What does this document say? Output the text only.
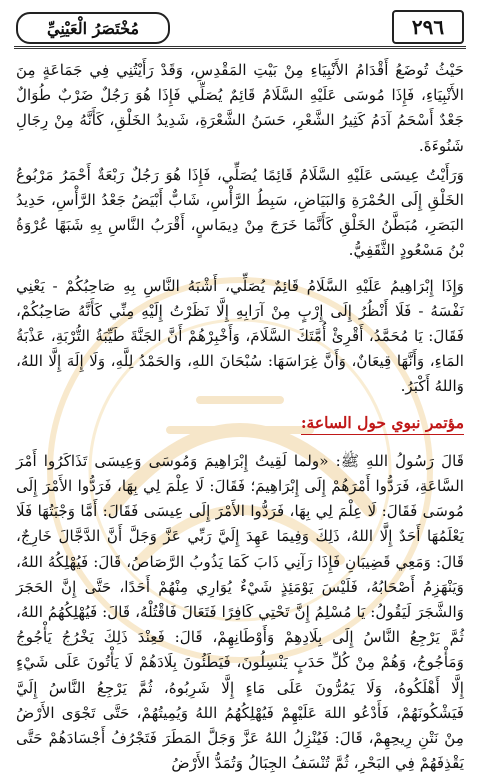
٢٩٦
مُخْتَصَرُ الْعَيْنِيِّ

حَيْثُ تُوضَعُ أَقْدَامُ الأَنْبِيَاءِ مِنْ بَيْتِ المَقْدِسِ، وَقَدْ رَأَيْتُنِي فِي جَمَاعَةٍ مِنَ الأَنْبِيَاءِ، فَإِذَا مُوسَى عَلَيْهِ السَّلَامُ قَائِمٌ يُصَلِّي فَإِذَا هُوَ رَجُلٌ ضَرْبٌ طُوَالٌ جَعْدٌ أَسْحَمُ آدَمُ كَثِيرُ الشَّعْرِ، حَسَنُ الشَّعْرَةِ، شَدِيدُ الخَلْقِ، كَأَنَّهُ مِنْ رِجَالِ شَنُوءَةَ.

وَرَأَيْتُ عِيسَى عَلَيْهِ السَّلَامُ قَائِمًا يُصَلِّي، فَإِذَا هُوَ رَجُلٌ رَبْعَةٌ أَحْمَرُ مَرْبُوعُ الخَلْقِ إِلَى الحُمْرَةِ وَالبَيَاضِ، سَبِطُ الرَّأْسِ، شَابٌّ أَبْيَضُ جَعْدُ الرَّأْسِ، حَدِيدُ البَصَرِ، مُبَطَّنُ الخَلْقِ كَأَنَّمَا خَرَجَ مِنْ دِيمَاسٍ، أَقْرَبُ النَّاسِ بِهِ شَبَهًا عُرْوَةُ بْنُ مَسْعُودٍ الثَّقَفِيُّ.

وَإِذَا إِبْرَاهِيمُ عَلَيْهِ السَّلَامُ قَائِمٌ يُصَلِّي، أَشْبَهُ النَّاسِ بِهِ صَاحِبُكُمْ - يَعْنِي نَفْسَهُ - فَلَا أَنْظُرُ إِلَى إِرْبٍ مِنْ آرَابِهِ إِلَّا نَظَرْتُ إِلَيْهِ مِنِّي كَأَنَّهُ صَاحِبُكُمْ، فَقَالَ: يَا مُحَمَّدُ، أَقْرِئْ أُمَّتَكَ السَّلَامَ، وَأَخْبِرْهُمْ أَنَّ الجَنَّةَ طَيِّبَةُ التُّرْبَةِ، عَذْبَةُ المَاءِ، وَأَنَّهَا قِيعَانٌ، وَأَنَّ غِرَاسَهَا: سُبْحَانَ اللهِ، وَالحَمْدُ لِلَّهِ، وَلَا إِلَهَ إِلَّا اللهُ، وَاللهُ أَكْبَرُ.

مؤتمر نبوي حول الساعة:

قَالَ رَسُولُ اللهِ ﷺ: «ولما لَقِيتُ إِبْرَاهِيمَ وَمُوسَى وَعِيسَى تَذَاكَرُوا أَمْرَ السَّاعَةِ، فَرَدُّوا أَمْرَهُمْ إِلَى إِبْرَاهِيمَ؛ فَقَالَ: لَا عِلْمَ لِي بِهَا، فَرَدُّوا الأَمْرَ إِلَى مُوسَى فَقَالَ: لَا عِلْمَ لِي بِهَا، فَرَدُّوا الأَمْرَ إِلَى عِيسَى فَقَالَ: أَمَّا وَجْبَتُهَا فَلَا يَعْلَمُهَا أَحَدٌ إِلَّا اللهُ، ذَلِكَ وَفِيمَا عَهِدَ إِلَيَّ رَبِّي عَزَّ وَجَلَّ أَنَّ الدَّجَّالَ خَارِجٌ، قَالَ: وَمَعِي قَضِيبَانِ فَإِذَا رَآنِي ذَابَ كَمَا يَذُوبُ الرَّصَاصُ، قَالَ: فَيُهْلِكُهُ اللهُ، وَيَنْهَزِمُ أَصْحَابُهُ، فَلَيْسَ يَوْمَئِذٍ شَيْءٌ يُوَارِي مِنْهُمْ أَحَدًا، حَتَّى إِنَّ الحَجَرَ وَالشَّجَرَ لَيَقُولُ: يَا مُسْلِمُ إِنَّ تَحْتِي كَافِرًا فَتَعَالَ فَاقْتُلْهُ، قَالَ: فَيُهْلِكُهُمُ اللهُ، ثُمَّ يَرْجِعُ النَّاسُ إِلَى بِلَادِهِمْ وَأَوْطَانِهِمْ، قَالَ: فَعِنْدَ ذَلِكَ يَخْرُجُ يَأْجُوجُ وَمَأْجُوجُ، وَهُمْ مِنْ كُلِّ حَدَبٍ يَنْسِلُونَ، فَيَطَئُونَ بِلَادَهُمْ لَا يَأْتُونَ عَلَى شَيْءٍ إِلَّا أَهْلَكُوهُ، وَلَا يَمُرُّونَ عَلَى مَاءٍ إِلَّا شَرِبُوهُ، ثُمَّ يَرْجِعُ النَّاسُ إِلَيَّ فَيَشْكُونَهُمْ، فَأَدْعُو اللهَ عَلَيْهِمْ فَيُهْلِكُهُمُ اللهُ وَيُمِيتُهُمْ، حَتَّى تَجْوَى الأَرْضُ مِنْ نَتْنِ رِيحِهِمْ، قَالَ: فَيُنْزِلُ اللهُ عَزَّ وَجَلَّ المَطَرَ فَتَجْرُفُ أَجْسَادَهُمْ حَتَّى يَقْذِفَهُمْ فِي البَحْرِ، ثُمَّ تُنْسَفُ الجِبَالُ وَتُمَدُّ الأَرْضُ
